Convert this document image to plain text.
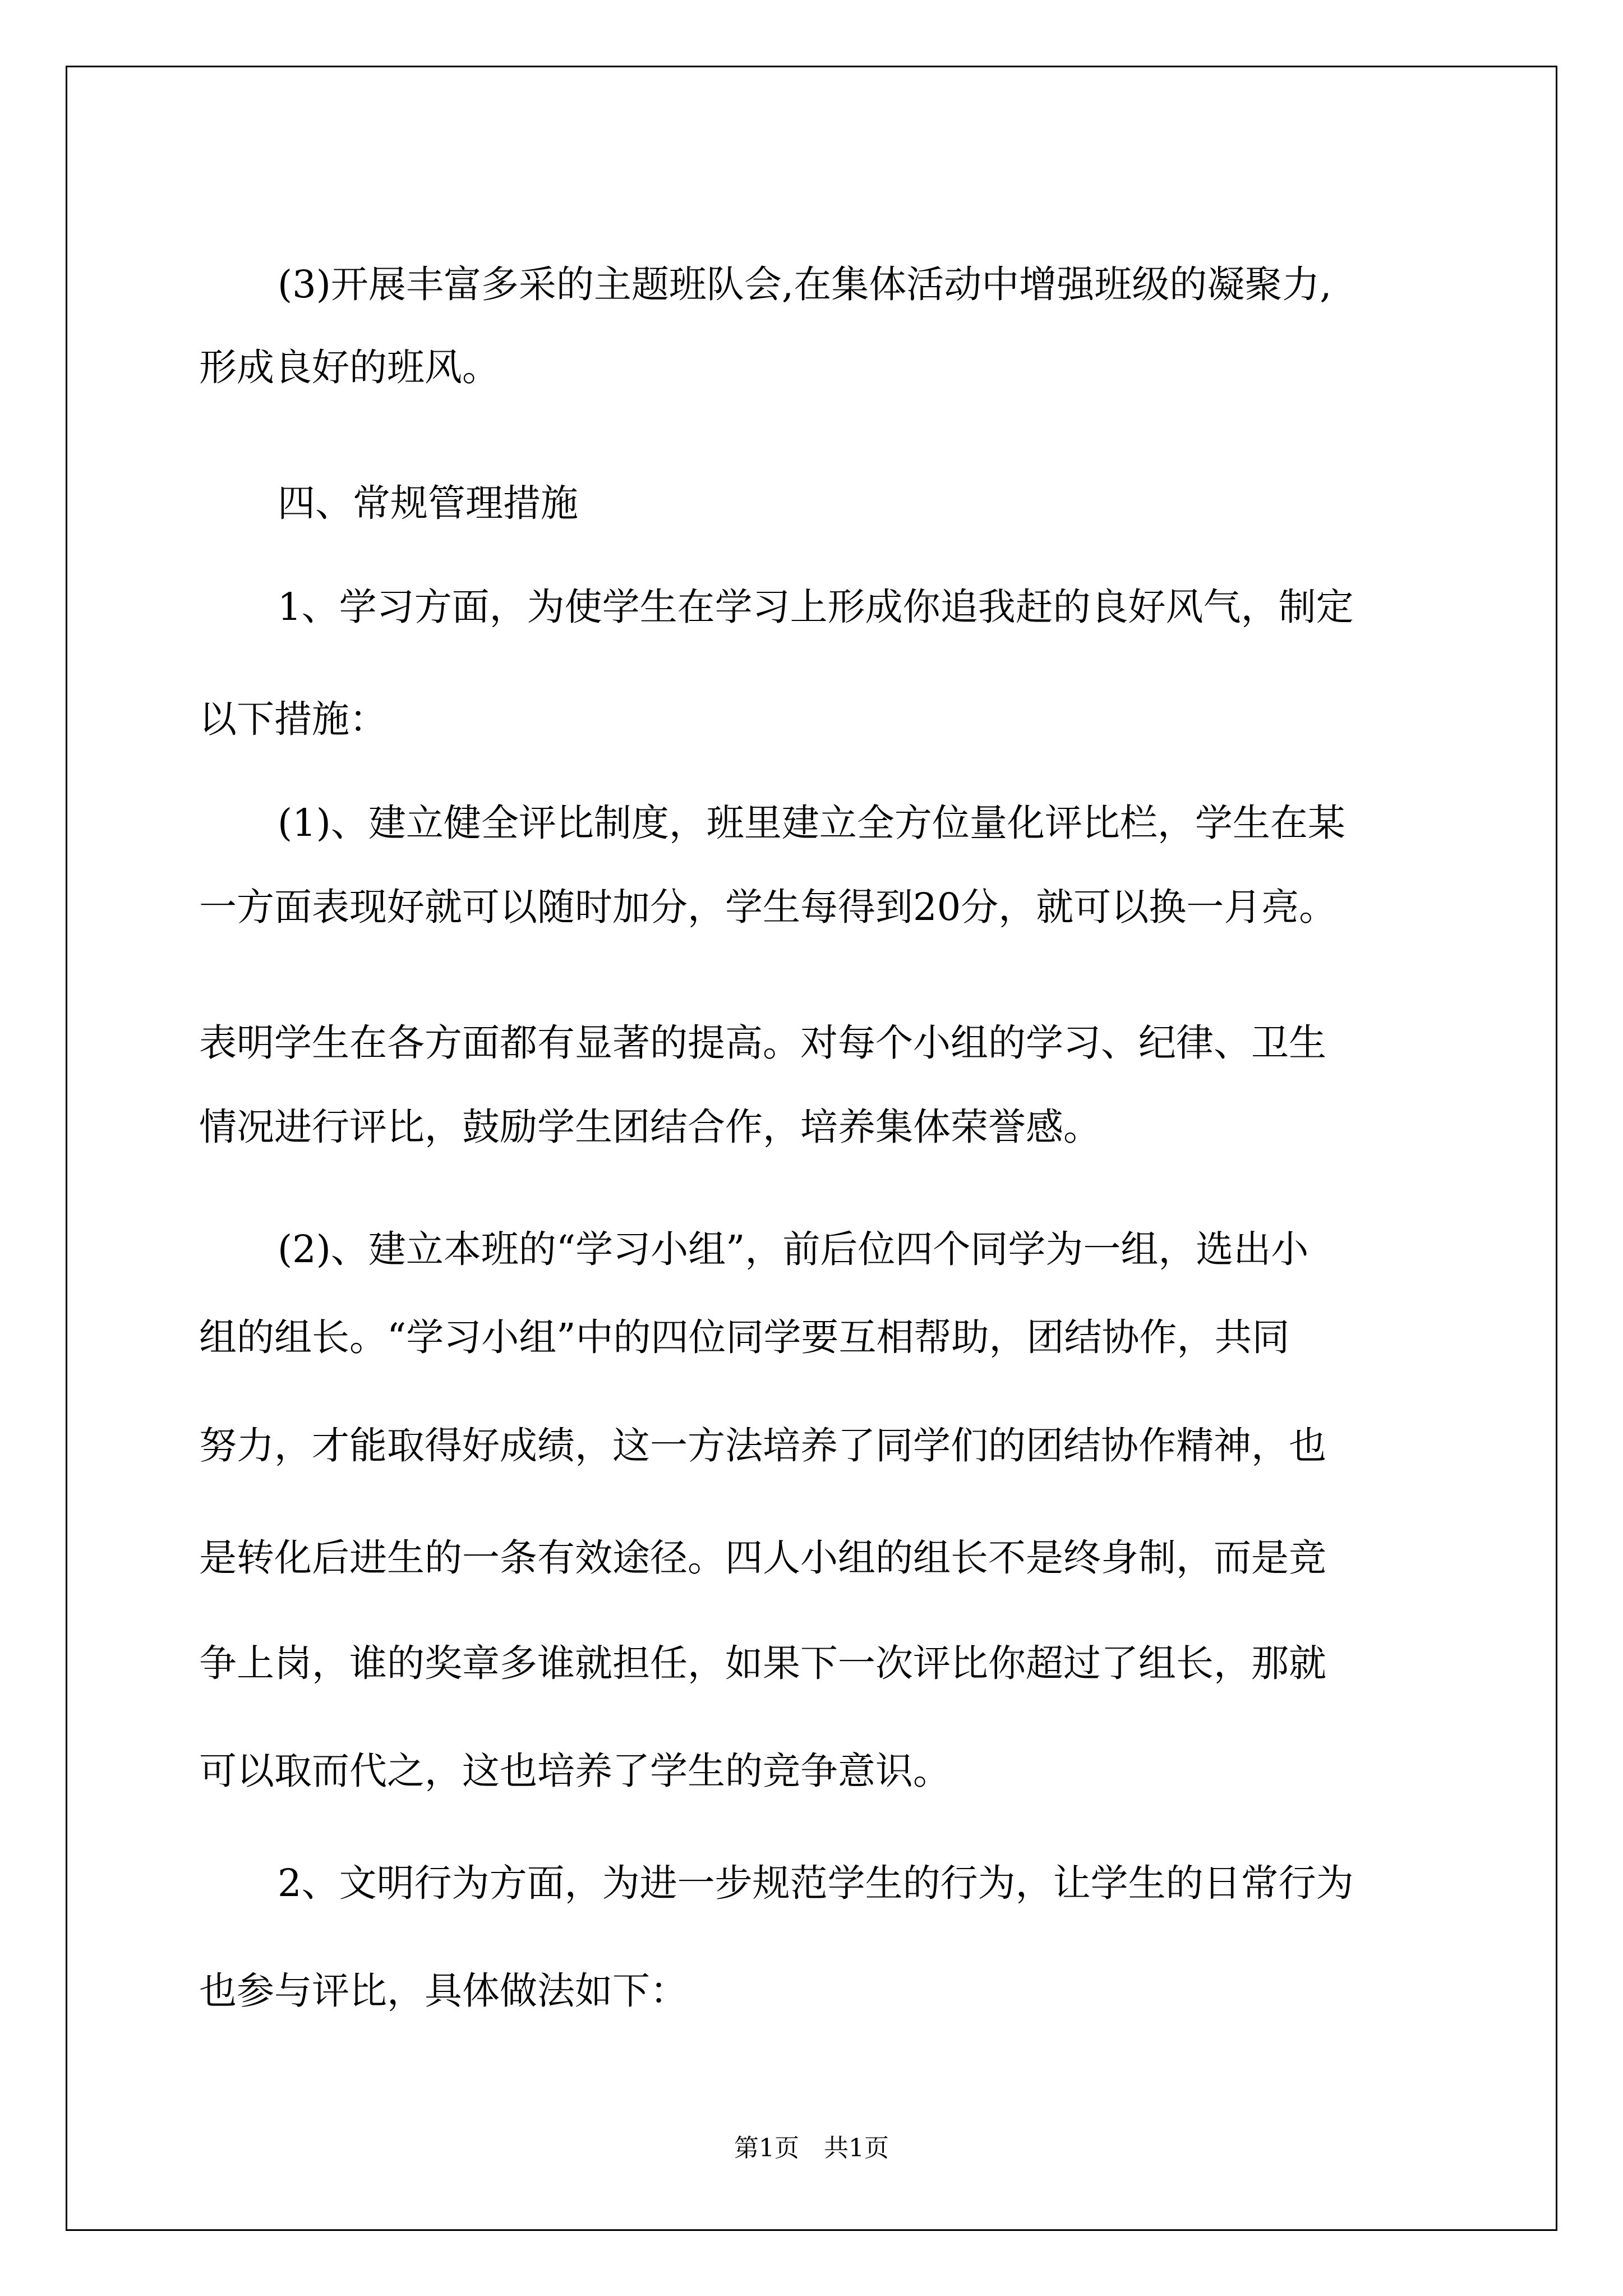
(3)开展丰富多采的主题班队会,在集体活动中增强班级的凝聚力,

形成良好的班风。

四、常规管理措施

1、学习方面，为使学生在学习上形成你追我赶的良好风气，制定

以下措施：

(1)、建立健全评比制度，班里建立全方位量化评比栏，学生在某

一方面表现好就可以随时加分，学生每得到20分，就可以换一月亮。

表明学生在各方面都有显著的提高。对每个小组的学习、纪律、卫生

情况进行评比，鼓励学生团结合作，培养集体荣誉感。

(2)、建立本班的“学习小组”，前后位四个同学为一组，选出小

组的组长。“学习小组”中的四位同学要互相帮助，团结协作，共同

努力，才能取得好成绩，这一方法培养了同学们的团结协作精神，也

是转化后进生的一条有效途径。四人小组的组长不是终身制，而是竞

争上岗，谁的奖章多谁就担任，如果下一次评比你超过了组长，那就

可以取而代之，这也培养了学生的竞争意识。

2、文明行为方面，为进一步规范学生的行为，让学生的日常行为

也参与评比，具体做法如下：

第1页　共1页
